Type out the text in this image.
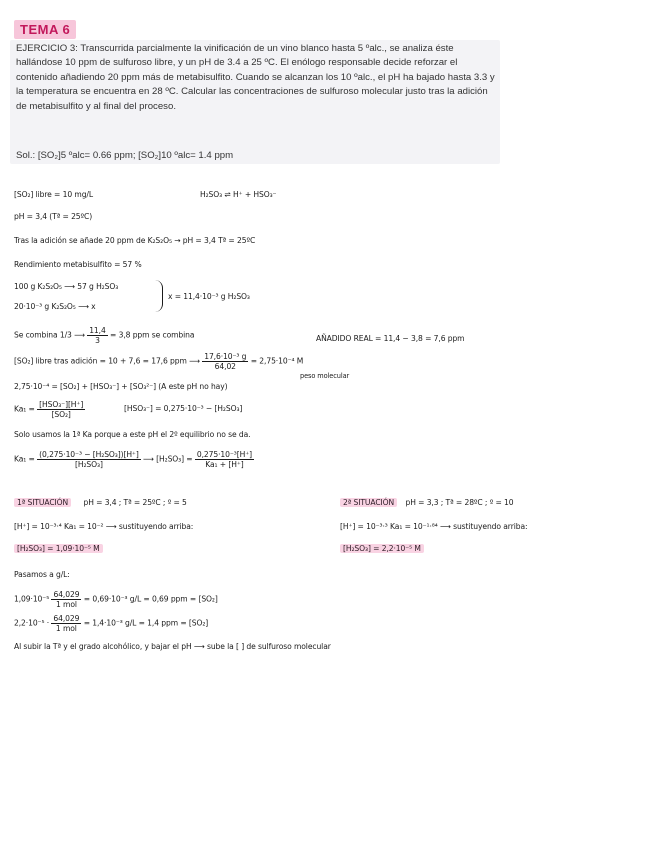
TEMA 6
EJERCICIO 3: Transcurrida parcialmente la vinificación de un vino blanco hasta 5 ºalc., se analiza éste hallándose 10 ppm de sulfuroso libre, y un pH de 3.4 a 25 ºC. El enólogo responsable decide reforzar el contenido añadiendo 20 ppm más de metabisulfito. Cuando se alcanzan los 10 ºalc., el pH ha bajado hasta 3.3 y la temperatura se encuentra en 28 ºC. Calcular las concentraciones de sulfuroso molecular justo tras la adición de metabisulfito y al final del proceso.
Sol.: [SO₂]5 ºalc= 0.66 ppm; [SO₂]10 ºalc= 1.4 ppm
[SO₂] libre = 10 mg/L	H₂SO₃ ⇌ H⁺ + HSO₃⁻
pH = 3,4 (Tª = 25ºC)
Tras la adición se añade 20 ppm de K₂S₂O₅ → pH = 3,4 Tª = 25ºC
Rendimiento metabisulfito = 57 %
100 g K₂S₂O₅ ⟶ 57 g H₂SO₃
20·10⁻³ g K₂S₂O₅ ⟶ x
x = 11,4·10⁻³ g H₂SO₃
Se combina 1/3 ⟶ $\frac{11,4}{3} = 3,8$ ppm se combina	AÑADIDO REAL = 11,4 − 3,8 = 7,6 ppm
[SO₂] libre tras adición = 10 + 7,6 = 17,6 ppm ⟶ $\frac{\text{17,6·10⁻³ g}}{64,02} = 2,75\cdot 10^{-4}$ M
peso molecular
2,75·10⁻⁴ = [SO₂] + [HSO₃⁻] + [SO₃²⁻] (A este pH no hay)
$Ka_1 = \frac{\text{[HSO₃⁻][H⁺]}}{\text{[SO₂]}}$	[HSO₃⁻] = 0,275·10⁻³ − [H₂SO₃]
Solo usamos la 1ª Ka porque a este pH el 2º equilibrio no se da.
$Ka_1 = \frac{\text{(0,275·10⁻³ − [H₂SO₃])[H⁺]}}{\text{[H₂SO₃]}}$ ⟶ $[H_2SO_3] = \frac{\text{0,275·10⁻³[H⁺]}}{\text{Ka₁ + [H⁺]}}$
1ª SITUACIÓN pH = 3,4 ; Tª = 25ºC ; º = 5	2ª SITUACIÓN pH = 3,3 ; Tª = 28ºC ; º = 10
[H⁺] = 10⁻³·⁴ Ka₁ = 10⁻² ⟶ sustituyendo arriba:	[H⁺] = 10⁻³·³ Ka₁ = 10⁻¹·⁸⁴ ⟶ sustituyendo arriba:
[H₂SO₃] = 1,09·10⁻⁵ M	[H₂SO₃] = 2,2·10⁻⁵ M
Pasamos a g/L:
$1,09\cdot 10^{-5} \frac{64,029}{\text{1 mol}} = 0,69\cdot 10^{-3}$ g/L = 0,69 ppm = [SO₂]
$2,2\cdot 10^{-5} \cdot \frac{64,029}{\text{1 mol}} = 1,4\cdot 10^{-3}$ g/L = 1,4 ppm = [SO₂]
Al subir la Tª y el grado alcohólico, y bajar el pH ⟶ sube la [ ] de sulfuroso molecular
